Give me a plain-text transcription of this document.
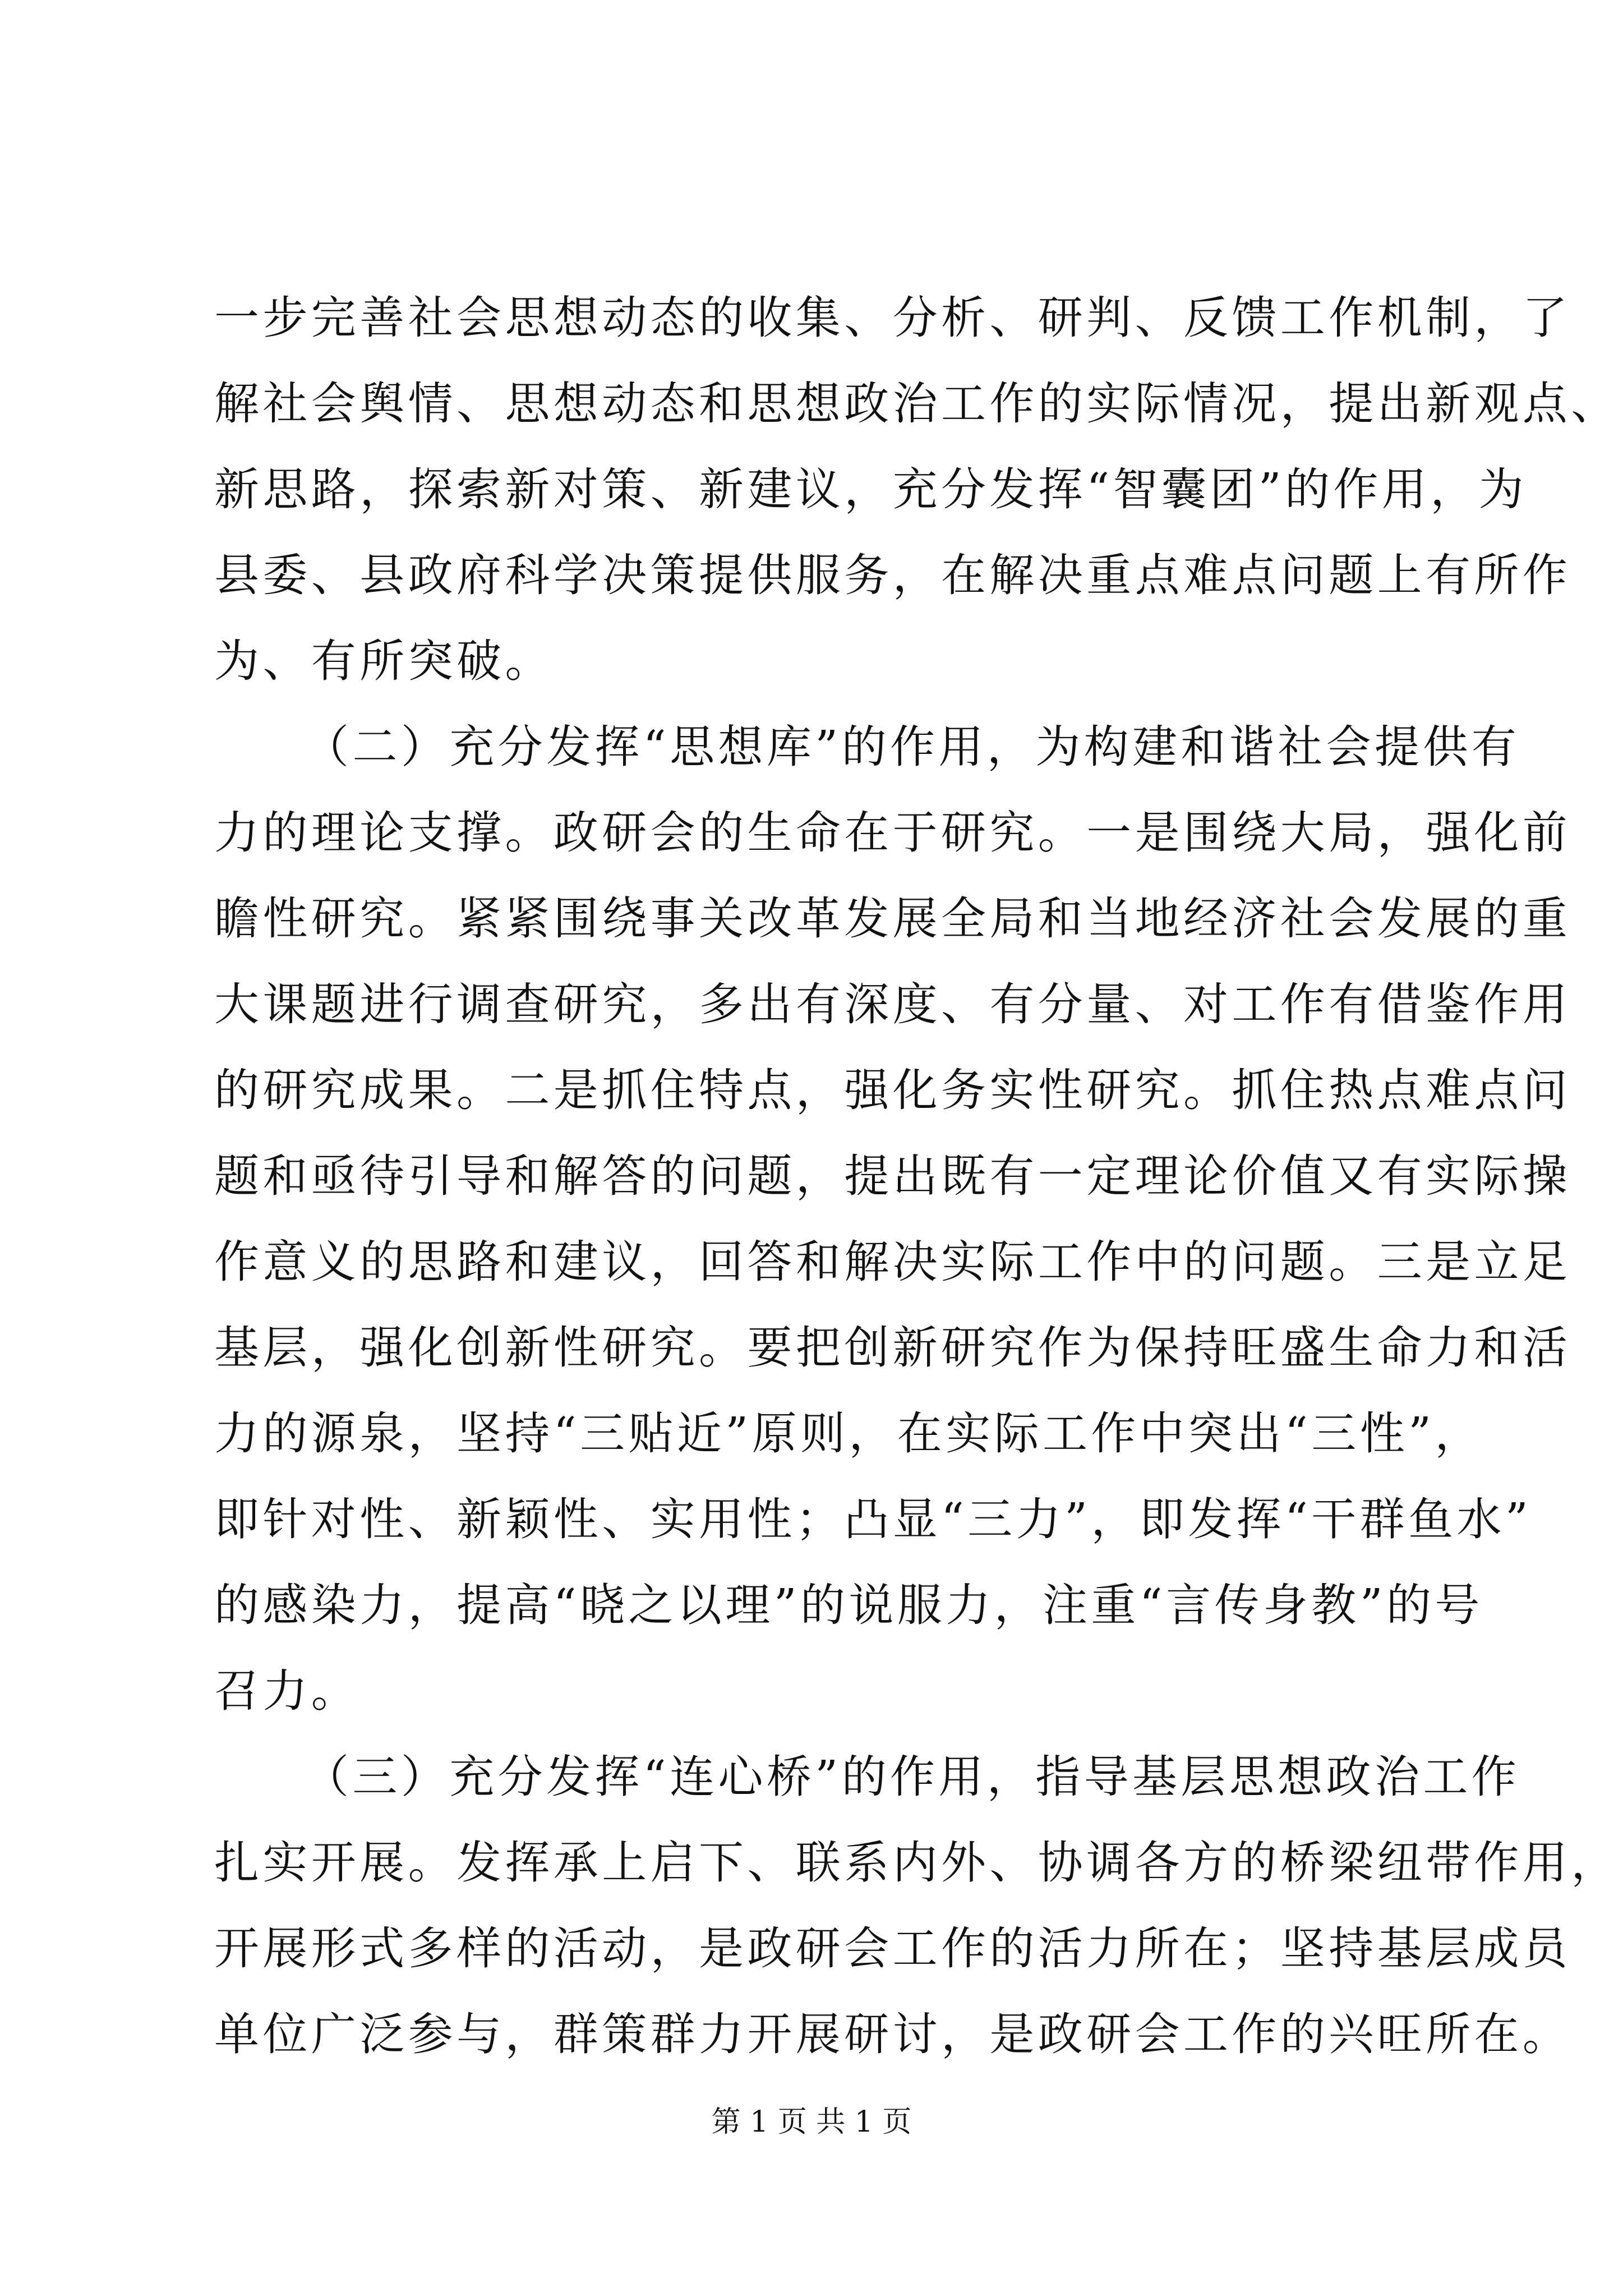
一步完善社会思想动态的收集、分析、研判、反馈工作机制，了
解社会舆情、思想动态和思想政治工作的实际情况，提出新观点、
新思路，探索新对策、新建议，充分发挥“智囊团”的作用，为
县委、县政府科学决策提供服务，在解决重点难点问题上有所作
为、有所突破。
（二）充分发挥“思想库”的作用，为构建和谐社会提供有
力的理论支撑。政研会的生命在于研究。一是围绕大局，强化前
瞻性研究。紧紧围绕事关改革发展全局和当地经济社会发展的重
大课题进行调查研究，多出有深度、有分量、对工作有借鉴作用
的研究成果。二是抓住特点，强化务实性研究。抓住热点难点问
题和亟待引导和解答的问题，提出既有一定理论价值又有实际操
作意义的思路和建议，回答和解决实际工作中的问题。三是立足
基层，强化创新性研究。要把创新研究作为保持旺盛生命力和活
力的源泉，坚持“三贴近”原则，在实际工作中突出“三性”，
即针对性、新颖性、实用性；凸显“三力”，即发挥“干群鱼水”
的感染力，提高“晓之以理”的说服力，注重“言传身教”的号
召力。
（三）充分发挥“连心桥”的作用，指导基层思想政治工作
扎实开展。发挥承上启下、联系内外、协调各方的桥梁纽带作用，
开展形式多样的活动，是政研会工作的活力所在；坚持基层成员
单位广泛参与，群策群力开展研讨，是政研会工作的兴旺所在。
第 1 页 共 1 页
